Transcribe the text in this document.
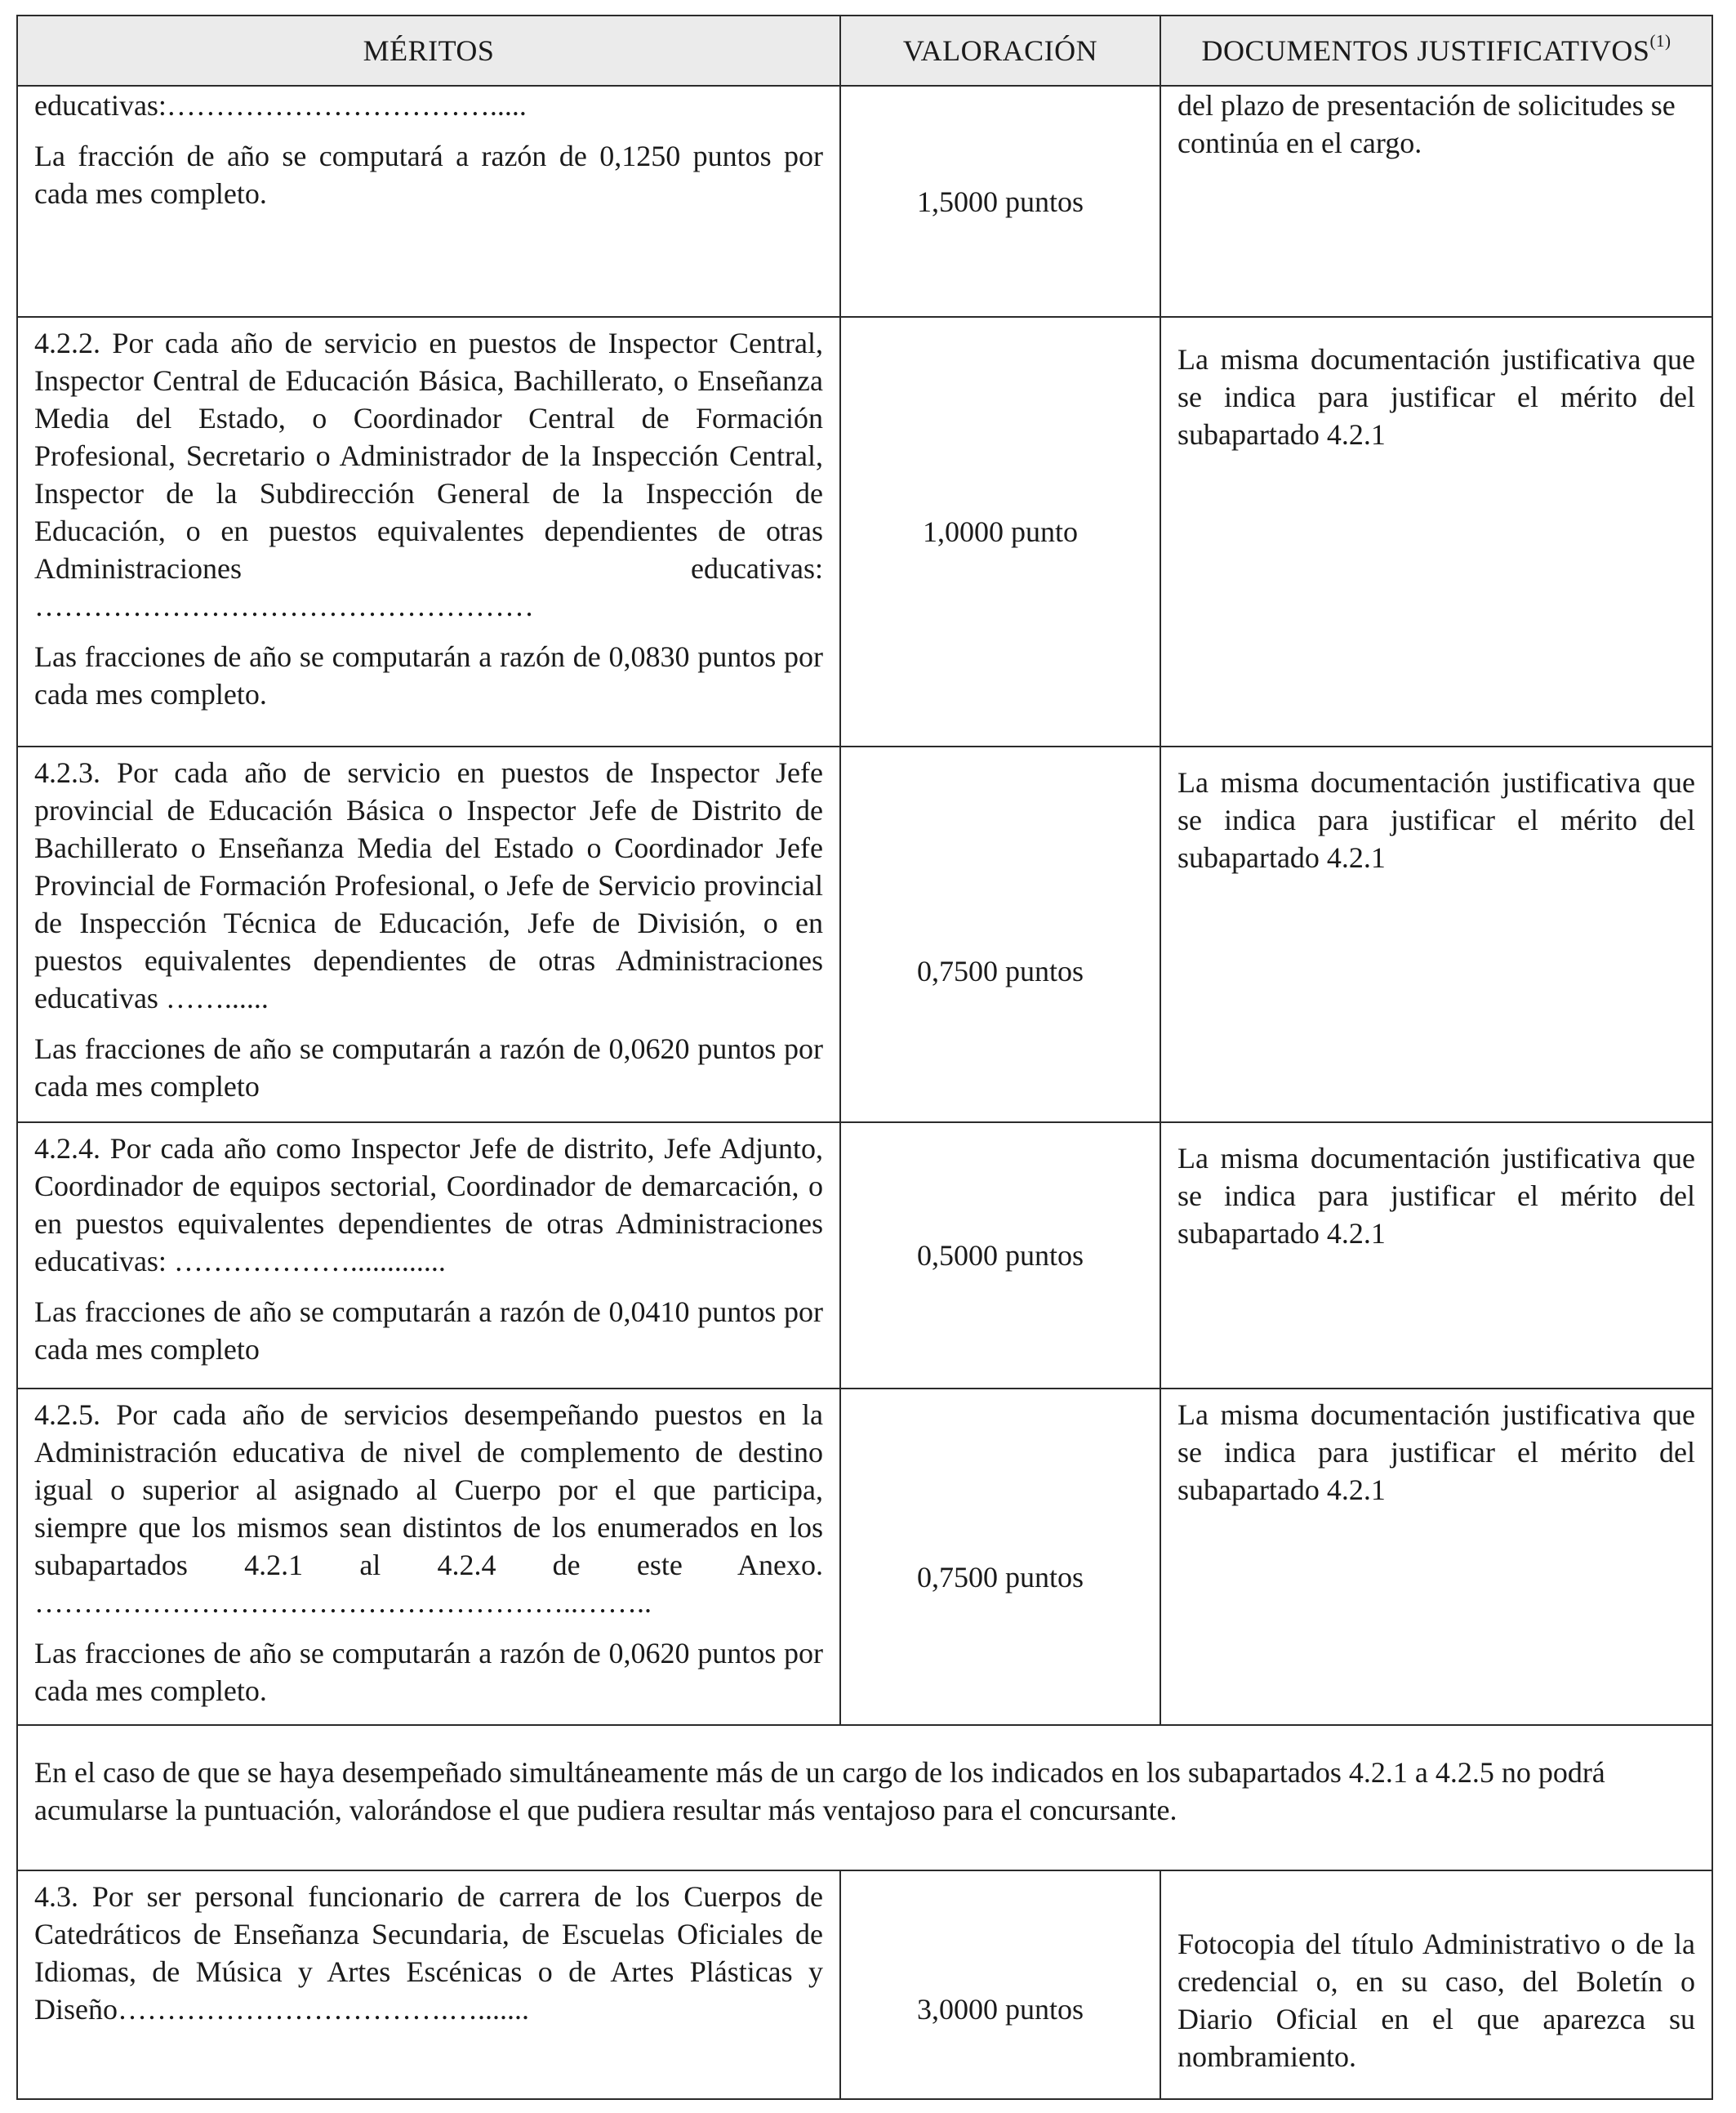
MÉRITOS	VALORACIÓN	DOCUMENTOS JUSTIFICATIVOS$^{(1)}$

educativas:…………………………….....

La fracción de año se computará a razón de 0,1250 puntos por cada mes completo.	1,5000 puntos	del plazo de presentación de solicitudes se continúa en el cargo.

4.2.2. Por cada año de servicio en puestos de Inspector Central, Inspector Central de Educación Básica, Bachillerato, o Enseñanza Media del Estado, o Coordinador Central de Formación Profesional, Secretario o Administrador de la Inspección Central, Inspector de la Subdirección General de la Inspección de Educación, o en puestos equivalentes dependientes de otras Administraciones educativas: ……………………………………………

Las fracciones de año se computarán a razón de 0,0830 puntos por cada mes completo.	1,0000 punto	La misma documentación justificativa que se indica para justificar el mérito del subapartado 4.2.1

4.2.3. Por cada año de servicio en puestos de Inspector Jefe provincial de Educación Básica o Inspector Jefe de Distrito de Bachillerato o Enseñanza Media del Estado o Coordinador Jefe Provincial de Formación Profesional, o Jefe de Servicio provincial de Inspección Técnica de Educación, Jefe de División, o en puestos equivalentes dependientes de otras Administraciones educativas ……......

Las fracciones de año se computarán a razón de 0,0620 puntos por cada mes completo	0,7500 puntos	La misma documentación justificativa que se indica para justificar el mérito del subapartado 4.2.1

4.2.4. Por cada año como Inspector Jefe de distrito, Jefe Adjunto, Coordinador de equipos sectorial, Coordinador de demarcación, o en puestos equivalentes dependientes de otras Administraciones educativas: ……………….............

Las fracciones de año se computarán a razón de 0,0410 puntos por cada mes completo	0,5000 puntos	La misma documentación justificativa que se indica para justificar el mérito del subapartado 4.2.1

4.2.5. Por cada año de servicios desempeñando puestos en la Administración educativa de nivel de complemento de destino igual o superior al asignado al Cuerpo por el que participa, siempre que los mismos sean distintos de los enumerados en los subapartados 4.2.1 al 4.2.4 de este Anexo. ………………………………………………..……..

Las fracciones de año se computarán a razón de 0,0620 puntos por cada mes completo.	0,7500 puntos	La misma documentación justificativa que se indica para justificar el mérito del subapartado 4.2.1
En el caso de que se haya desempeñado simultáneamente más de un cargo de los indicados en los subapartados 4.2.1 a 4.2.5 no podrá acumularse la puntuación, valorándose el que pudiera resultar más ventajoso para el concursante.		

4.3. Por ser personal funcionario de carrera de los Cuerpos de Catedráticos de Enseñanza Secundaria, de Escuelas Oficiales de Idiomas, de Música y Artes Escénicas o de Artes Plásticas y Diseño…………………………….….......	3,0000 puntos	Fotocopia del título Administrativo o de la credencial o, en su caso, del Boletín o Diario Oficial en el que aparezca su nombramiento.
